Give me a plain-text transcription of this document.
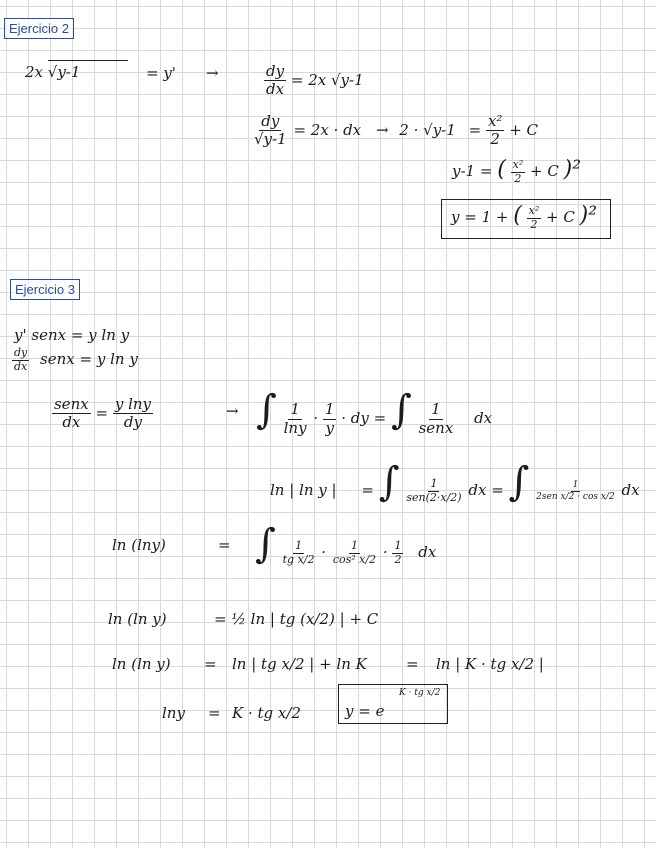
Ejercicio 2
2x √y-1	= y' →	$\frac{dy}{dx} = 2x$ √y-1
$\frac{dy}{√y-1} = 2x$ · dx → $2 \cdot √y-1 = \frac{\text{x²}}{2} + C$
y-1 = ( $\frac{\text{x²}}{2} + C$ )²
y = 1 + ( $\frac{\text{x²}}{2} + C$ )²
Ejercicio 3
y' senx = y ln y
$\frac{dy}{dx}$ senx = y ln y
$\frac{\text{senx}}{dx} = \frac{\text{y lny}}{dy}$	→ ∫ $\frac{1}{\ln y} \cdot \frac{1}{y}$ · dy = ∫ $\frac{1}{\text{senx}}$ dx
ln | ln y | = ∫ $\frac{1}{\text{sen(2·x/2)}}$ dx = ∫ $\frac{1}{\text{2sen x/2 · cos x/2}}$ dx
ln (lny)	= ∫ $\frac{1}{\text{tg x/2}} \cdot \frac{1}{\text{cos² x/2}} \cdot \frac{1}{2}$ dx
ln (ln y)	= ½ ln | tg (x/2) | + C
ln (ln y) = ln | tg x/2 | + ln K	= ln | K · tg x/2 |
lny = K · tg x/2	y = e
K · tg x/2
